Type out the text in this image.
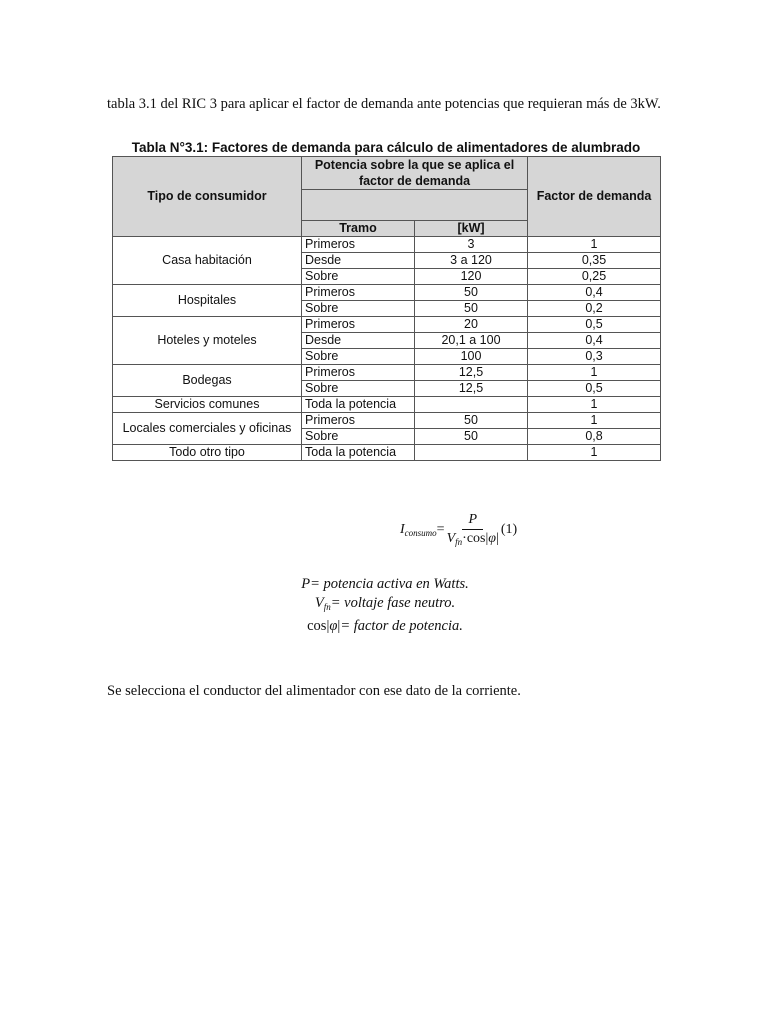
tabla 3.1 del RIC 3 para aplicar el factor de demanda ante potencias que requieran más de 3kW.

Tabla N°3.1: Factores de demanda para cálculo de alimentadores de alumbrado
Tipo de consumidor	Potencia sobre la que se aplica el factor de demanda		Factor de demanda

	Tramo	[kW]	
Casa habitación	Primeros	3	1
	Desde	3 a 120	0,35
	Sobre	120	0,25
Hospitales	Primeros	50	0,4
	Sobre	50	0,2
Hoteles y moteles	Primeros	20	0,5
	Desde	20,1 a 100	0,4
	Sobre	100	0,3
Bodegas	Primeros	12,5	1
	Sobre	12,5	0,5
Servicios comunes	Toda la potencia		1
Locales comerciales y oficinas	Primeros	50	1
	Sobre	50	0,8
Todo otro tipo	Toda la potencia		1
$I_{consumo} = \frac{P}{V_{fn}\cdot\cos|\varphi|} (1)$
P= potencia activa en Watts.
$V_{fn}=$ voltaje fase neutro.
cos|φ|= factor de potencia.

Se selecciona el conductor del alimentador con ese dato de la corriente.
